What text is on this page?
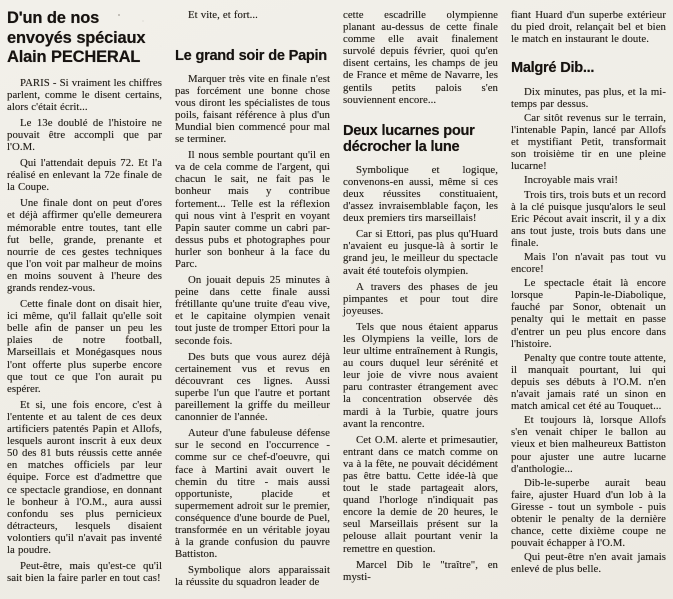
D'un de nos envoyés spéciaux Alain PECHERAL

PARIS - Si vraiment les chiffres parlent, comme le disent certains, alors c'était écrit...

Le 13e doublé de l'histoire ne pouvait être accompli que par l'O.M.

Qui l'attendait depuis 72. Et l'a réalisé en enlevant la 72e finale de la Coupe.

Une finale dont on peut d'ores et déjà affirmer qu'elle demeurera mémorable entre toutes, tant elle fut belle, grande, prenante et nourrie de ces gestes techniques que l'on voit par malheur de moins en moins souvent à l'heure des grands rendez-vous.

Cette finale dont on disait hier, ici même, qu'il fallait qu'elle soit belle afin de panser un peu les plaies de notre football, Marseillais et Monégasques nous l'ont offerte plus superbe encore que tout ce que l'on aurait pu espérer.

Et si, une fois encore, c'est à l'entente et au talent de ces deux artificiers patentés Papin et Allofs, lesquels auront inscrit à eux deux 50 des 81 buts réussis cette année en matches officiels par leur équipe. Force est d'admettre que ce spectacle grandiose, en donnant le bonheur à l'O.M., aura aussi confondu ses plus pernicieux détracteurs, lesquels disaient volontiers qu'il n'avait pas inventé la poudre.

Peut-être, mais qu'est-ce qu'il sait bien la faire parler en tout cas!

Et vite, et fort...

Le grand soir de Papin

Marquer très vite en finale n'est pas forcément une bonne chose vous diront les spécialistes de tous poils, faisant référence à plus d'un Mundial bien commencé pour mal se terminer.

Il nous semble pourtant qu'il en va de cela comme de l'argent, qui chacun le sait, ne fait pas le bonheur mais y contribue fortement... Telle est la réflexion qui nous vint à l'esprit en voyant Papin sauter comme un cabri par-dessus pubs et photographes pour hurler son bonheur à la face du Parc.

On jouait depuis 25 minutes à peine dans cette finale aussi frétillante qu'une truite d'eau vive, et le capitaine olympien venait tout juste de tromper Ettori pour la seconde fois.

Des buts que vous aurez déjà certainement vus et revus en découvrant ces lignes. Aussi superbe l'un que l'autre et portant pareillement la griffe du meilleur canonnier de l'année.

Auteur d'une fabuleuse défense sur le second en l'occurrence - comme sur ce chef-d'oeuvre, qui face à Martini avait ouvert le chemin du titre - mais aussi opportuniste, placide et supermement adroit sur le premier, conséquence d'une bourde de Puel, transformée en un véritable joyau à la grande confusion du pauvre Battiston.

Symbolique alors apparaissait la réussite du squadron leader de

cette escadrille olympienne planant au-dessus de cette finale comme elle avait finalement survolé depuis février, quoi qu'en disent certains, les champs de jeu de France et même de Navarre, les gentils petits palois s'en souviennent encore...

Deux lucarnes pour décrocher la lune

Symbolique et logique, convenons-en aussi, même si ces deux réussites constituaient, d'assez invraisemblable façon, les deux premiers tirs marseillais!

Car si Ettori, pas plus qu'Huard n'avaient eu jusque-là à sortir le grand jeu, le meilleur du spectacle avait été toutefois olympien.

A travers des phases de jeu pimpantes et pour tout dire joyeuses.

Tels que nous étaient apparus les Olympiens la veille, lors de leur ultime entraînement à Rungis, au cours duquel leur sérénité et leur joie de vivre nous avaient paru contraster étrangement avec la concentration observée dès mardi à la Turbie, quatre jours avant la rencontre.

Cet O.M. alerte et primesautier, entrant dans ce match comme on va à la fête, ne pouvait décidément pas être battu. Cette idée-là que tout le stade partageait alors, quand l'horloge n'indiquait pas encore la demie de 20 heures, le seul Marseillais présent sur la pelouse allait pourtant venir la remettre en question.

Marcel Dib le "traître", en mysti-

fiant Huard d'un superbe extérieur du pied droit, relançait bel et bien le match en instaurant le doute.

Malgré Dib...

Dix minutes, pas plus, et la mi-temps par dessus.

Car sitôt revenus sur le terrain, l'intenable Papin, lancé par Allofs et mystifiant Petit, transformait son troisième tir en une pleine lucarne!

Incroyable mais vrai!

Trois tirs, trois buts et un record à la clé puisque jusqu'alors le seul Eric Pécout avait inscrit, il y a dix ans tout juste, trois buts dans une finale.

Mais l'on n'avait pas tout vu encore!

Le spectacle était là encore lorsque Papin-le-Diabolique, fauché par Sonor, obtenait un penalty qui le mettait en passe d'entrer un peu plus encore dans l'histoire.

Penalty que contre toute attente, il manquait pourtant, lui qui depuis ses débuts à l'O.M. n'en n'avait jamais raté un sinon en match amical cet été au Touquet...

Et toujours là, lorsque Allofs s'en venait chiper le ballon au vieux et bien malheureux Battiston pour ajuster une autre lucarne d'anthologie...

Dib-le-superbe aurait beau faire, ajuster Huard d'un lob à la Giresse - tout un symbole - puis obtenir le penalty de la dernière chance, cette dixième coupe ne pouvait échapper à l'O.M.

Qui peut-être n'en avait jamais enlevé de plus belle.
